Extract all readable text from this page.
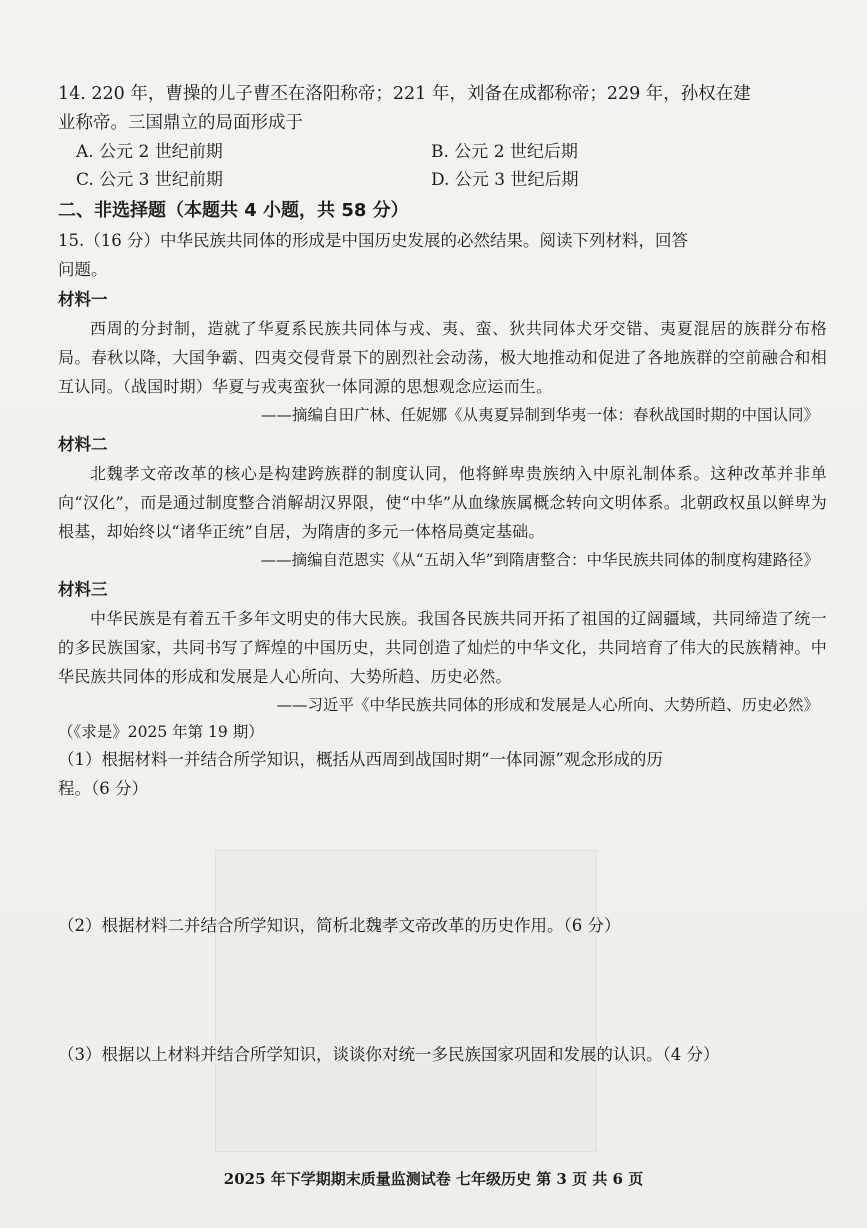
14. 220 年，曹操的儿子曹丕在洛阳称帝；221 年，刘备在成都称帝；229 年，孙权在建

业称帝。三国鼎立的局面形成于

A. 公元 2 世纪前期	B. 公元 2 世纪后期
C. 公元 3 世纪前期	D. 公元 3 世纪后期

二、非选择题（本题共 4 小题，共 58 分）

15.（16 分）中华民族共同体的形成是中国历史发展的必然结果。阅读下列材料，回答

问题。

材料一

西周的分封制，造就了华夏系民族共同体与戎、夷、蛮、狄共同体犬牙交错、夷夏混居的族群分布格局。春秋以降，大国争霸、四夷交侵背景下的剧烈社会动荡，极大地推动和促进了各地族群的空前融合和相互认同。（战国时期）华夏与戎夷蛮狄一体同源的思想观念应运而生。

——摘编自田广林、任妮娜《从夷夏异制到华夷一体：春秋战国时期的中国认同》

材料二

北魏孝文帝改革的核心是构建跨族群的制度认同，他将鲜卑贵族纳入中原礼制体系。这种改革并非单向“汉化”，而是通过制度整合消解胡汉界限，使“中华”从血缘族属概念转向文明体系。北朝政权虽以鲜卑为根基，却始终以“诸华正统”自居，为隋唐的多元一体格局奠定基础。

——摘编自范恩实《从“五胡入华”到隋唐整合：中华民族共同体的制度构建路径》

材料三

中华民族是有着五千多年文明史的伟大民族。我国各民族共同开拓了祖国的辽阔疆域，共同缔造了统一的多民族国家，共同书写了辉煌的中国历史，共同创造了灿烂的中华文化，共同培育了伟大的民族精神。中华民族共同体的形成和发展是人心所向、大势所趋、历史必然。

——习近平《中华民族共同体的形成和发展是人心所向、大势所趋、历史必然》

（《求是》2025 年第 19 期）

（1）根据材料一并结合所学知识，概括从西周到战国时期“一体同源”观念形成的历

程。（6 分）

（2）根据材料二并结合所学知识，简析北魏孝文帝改革的历史作用。（6 分）

（3）根据以上材料并结合所学知识，谈谈你对统一多民族国家巩固和发展的认识。（4 分）

2025 年下学期期末质量监测试卷 七年级历史 第 3 页 共 6 页
